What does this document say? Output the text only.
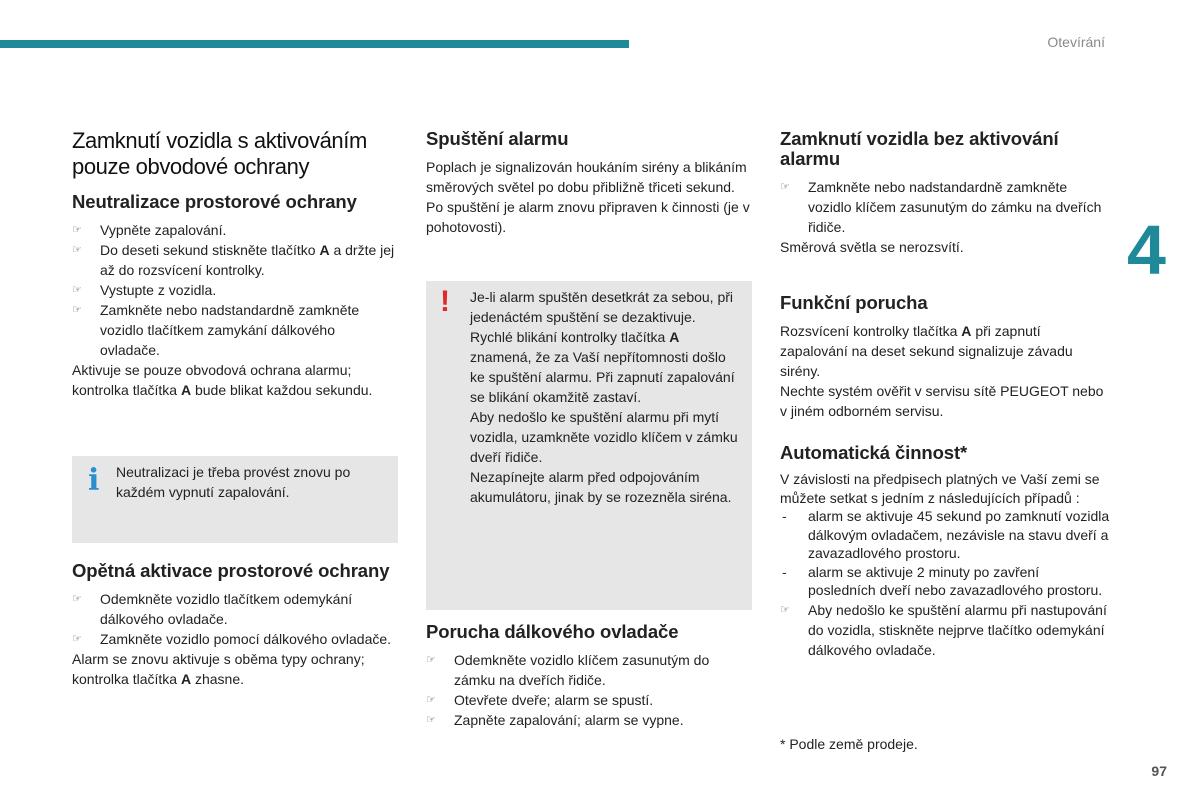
Otevírání
4
97
Zamknutí vozidla s aktivováním pouze obvodové ochrany
Neutralizace prostorové ochrany
☞ Vypněte zapalování.
☞ Do deseti sekund stiskněte tlačítko A a držte jej až do rozsvícení kontrolky.
☞ Vystupte z vozidla.
☞ Zamkněte nebo nadstandardně zamkněte vozidlo tlačítkem zamykání dálkového ovladače.

Aktivuje se pouze obvodová ochrana alarmu; kontrolka tlačítka A bude blikat každou sekundu.

i Neutralizaci je třeba provést znovu po každém vypnutí zapalování.
Opětná aktivace prostorové ochrany
☞ Odemkněte vozidlo tlačítkem odemykání dálkového ovladače.
☞ Zamkněte vozidlo pomocí dálkového ovladače.

Alarm se znovu aktivuje s oběma typy ochrany; kontrolka tlačítka A zhasne.

Spuštění alarmu

Poplach je signalizován houkáním sirény a blikáním směrových světel po dobu přibližně třiceti sekund.

Po spuštění je alarm znovu připraven k činnosti (je v pohotovosti).

! Je-li alarm spuštěn desetkrát za sebou, při jedenáctém spuštění se dezaktivuje.

Rychlé blikání kontrolky tlačítka A znamená, že za Vaší nepřítomnosti došlo ke spuštění alarmu. Při zapnutí zapalování se blikání okamžitě zastaví.

Aby nedošlo ke spuštění alarmu při mytí vozidla, uzamkněte vozidlo klíčem v zámku dveří řidiče.

Nezapínejte alarm před odpojováním akumulátoru, jinak by se rozezněla siréna.

Porucha dálkového ovladače
☞ Odemkněte vozidlo klíčem zasunutým do zámku na dveřích řidiče.
☞ Otevřete dveře; alarm se spustí.
☞ Zapněte zapalování; alarm se vypne.
Zamknutí vozidla bez aktivování alarmu
☞ Zamkněte nebo nadstandardně zamkněte vozidlo klíčem zasunutým do zámku na dveřích řidiče.

Směrová světla se nerozsvítí.

Funkční porucha

Rozsvícení kontrolky tlačítka A při zapnutí zapalování na deset sekund signalizuje závadu sirény.

Nechte systém ověřit v servisu sítě PEUGEOT nebo v jiném odborném servisu.

Automatická činnost*

V závislosti na předpisech platných ve Vaší zemi se můžete setkat s jedním z následujících případů :

- alarm se aktivuje 45 sekund po zamknutí vozidla dálkovým ovladačem, nezávisle na stavu dveří a zavazadlového prostoru.
- alarm se aktivuje 2 minuty po zavření posledních dveří nebo zavazadlového prostoru.
☞ Aby nedošlo ke spuštění alarmu při nastupování do vozidla, stiskněte nejprve tlačítko odemykání dálkového ovladače.

* Podle země prodeje.
